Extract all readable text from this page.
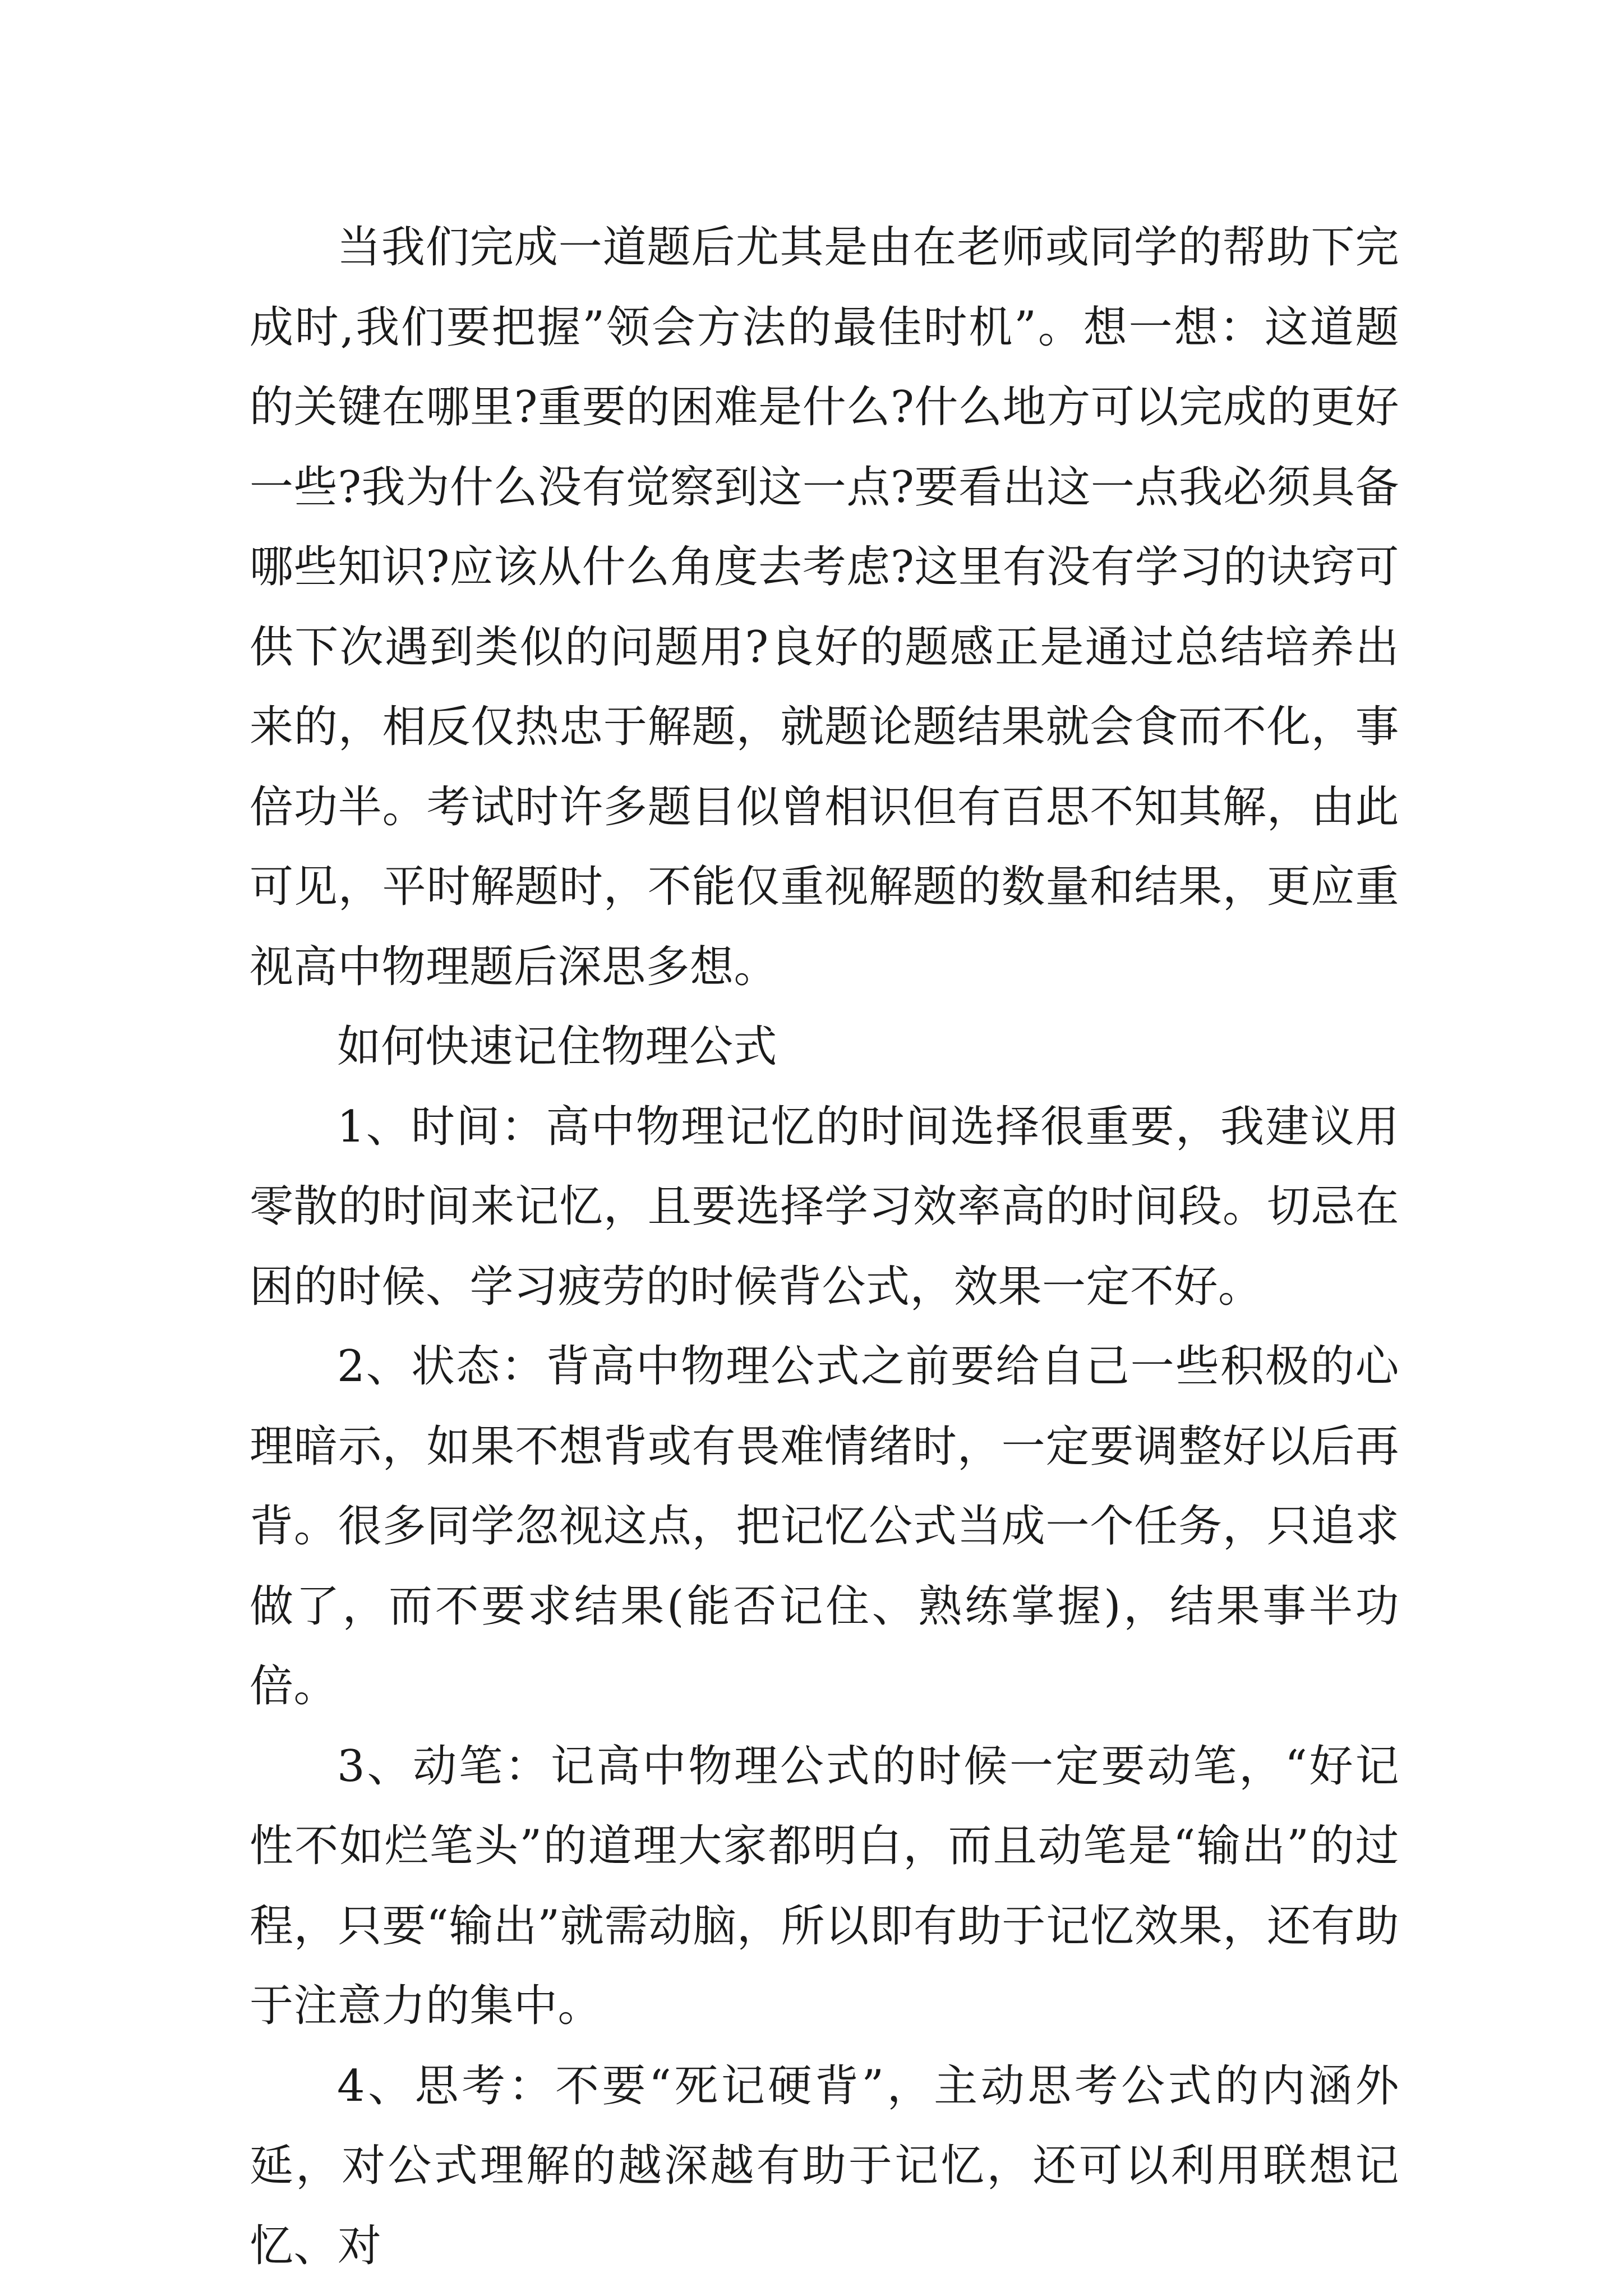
当我们完成一道题后尤其是由在老师或同学的帮助下完成时,我们要把握”领会方法的最佳时机”。想一想：这道题的关键在哪里?重要的困难是什么?什么地方可以完成的更好一些?我为什么没有觉察到这一点?要看出这一点我必须具备哪些知识?应该从什么角度去考虑?这里有没有学习的诀窍可供下次遇到类似的问题用?良好的题感正是通过总结培养出来的，相反仅热忠于解题，就题论题结果就会食而不化，事倍功半。考试时许多题目似曾相识但有百思不知其解，由此可见，平时解题时，不能仅重视解题的数量和结果，更应重视高中物理题后深思多想。

如何快速记住物理公式

1、时间：高中物理记忆的时间选择很重要，我建议用零散的时间来记忆，且要选择学习效率高的时间段。切忌在困的时候、学习疲劳的时候背公式，效果一定不好。

2、状态：背高中物理公式之前要给自己一些积极的心理暗示，如果不想背或有畏难情绪时，一定要调整好以后再背。很多同学忽视这点，把记忆公式当成一个任务，只追求做了，而不要求结果(能否记住、熟练掌握)，结果事半功倍。

3、动笔：记高中物理公式的时候一定要动笔，“好记性不如烂笔头”的道理大家都明白，而且动笔是“输出”的过程，只要“输出”就需动脑，所以即有助于记忆效果，还有助于注意力的集中。

4、思考：不要“死记硬背”，主动思考公式的内涵外延，对公式理解的越深越有助于记忆，还可以利用联想记忆、对
